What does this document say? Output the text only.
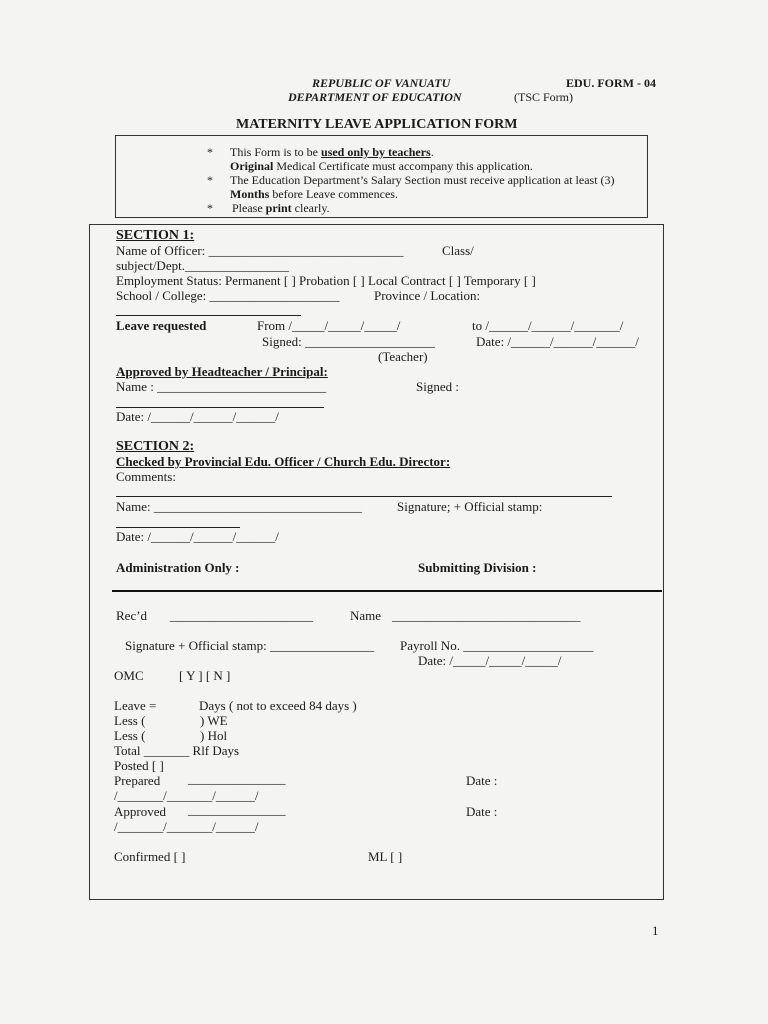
REPUBLIC OF VANUATU
DEPARTMENT OF EDUCATION
EDU. FORM - 04
(TSC Form)
MATERNITY LEAVE APPLICATION FORM
* This Form is to be used only by teachers.
Original Medical Certificate must accompany this application.
* The Education Department’s Salary Section must receive application at least (3)
Months before Leave commences.
* Please print clearly.
SECTION 1:
Name of Officer: ______________________________	Class/
subject/Dept.________________
Employment Status: Permanent [ ] Probation [ ] Local Contract [ ] Temporary [ ]
School / College: ____________________	Province / Location:
Leave requested	From /_____/_____/_____/	to /______/______/_______/
Signed: ____________________	Date: /______/______/______/
(Teacher)
Approved by Headteacher / Principal:
Name : __________________________	Signed :
Date: /______/______/______/
SECTION 2:
Checked by Provincial Edu. Officer / Church Edu. Director:
Comments:
Name: ________________________________	Signature; + Official stamp:
Date: /______/______/______/
Administration Only :	Submitting Division :
Rec’d ______________________	Name _____________________________
Signature + Official stamp: ________________ Payroll No. ____________________
Date: /_____/_____/_____/
OMC	[ Y ] [ N ]
Leave =	Days ( not to exceed 84 days )
Less (	) WE
Less (	) Hol
Total _______ Rlf Days
Posted [ ]
Prepared _______________	Date :
/_______/_______/______/
Approved _______________	Date :
/_______/_______/______/
Confirmed [ ]	ML [ ]
1
